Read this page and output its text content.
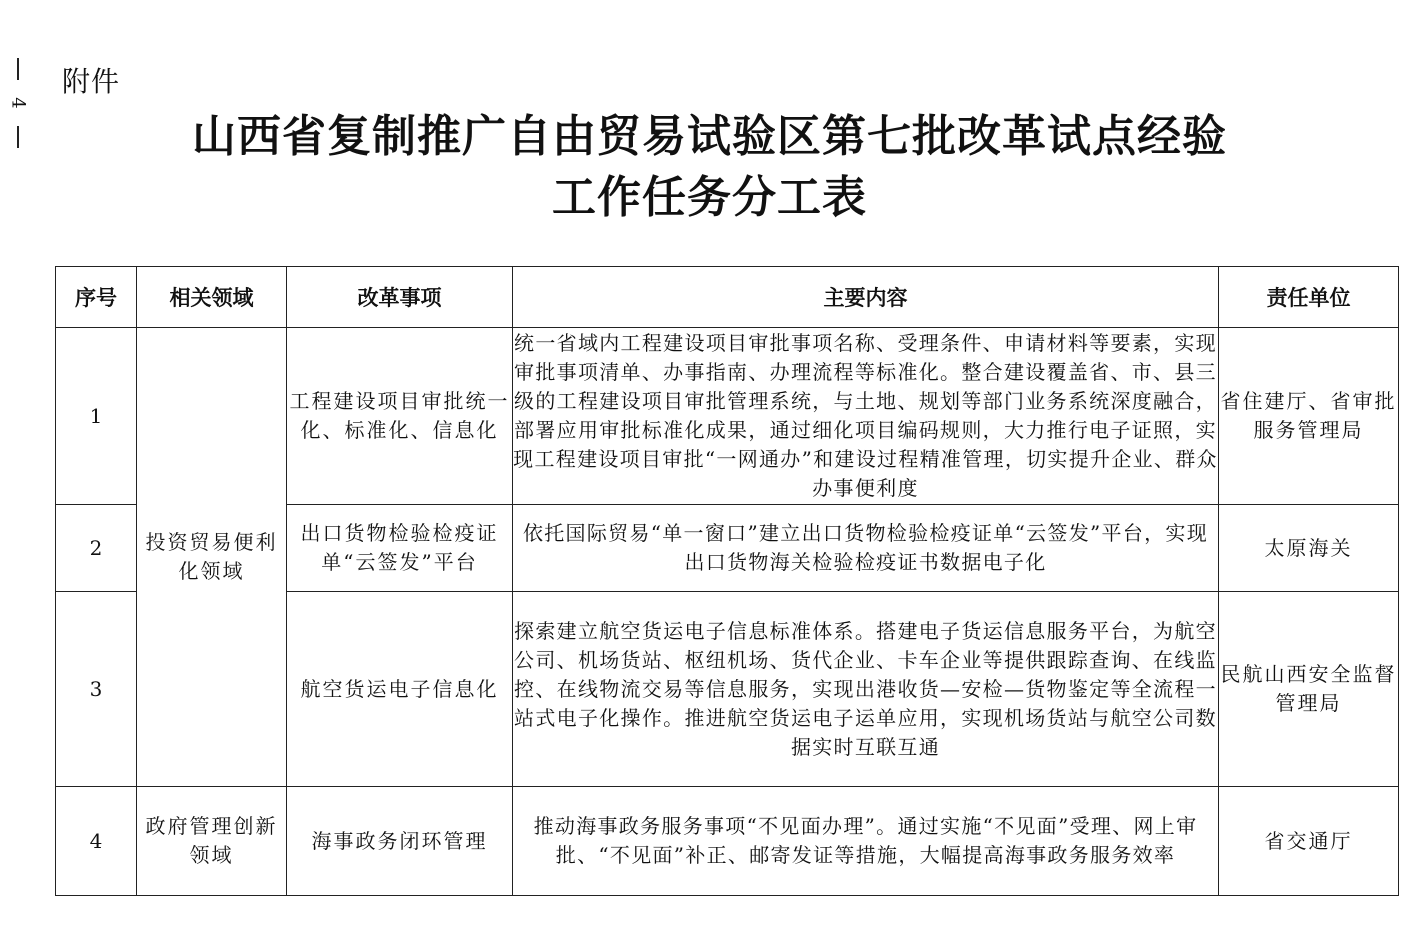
4
附件
山西省复制推广自由贸易试验区第七批改革试点经验
工作任务分工表
序号	相关领域	改革事项	主要内容	责任单位
1	投资贸易便利化领域	工程建设项目审批统一化、标准化、信息化	统一省域内工程建设项目审批事项名称、受理条件、申请材料等要素，实现审批事项清单、办事指南、办理流程等标准化。整合建设覆盖省、市、县三级的工程建设项目审批管理系统，与土地、规划等部门业务系统深度融合，部署应用审批标准化成果，通过细化项目编码规则，大力推行电子证照，实现工程建设项目审批“一网通办”和建设过程精准管理，切实提升企业、群众办事便利度	省住建厅、省审批服务管理局
2		出口货物检验检疫证单“云签发”平台	依托国际贸易“单一窗口”建立出口货物检验检疫证单“云签发”平台，实现出口货物海关检验检疫证书数据电子化	太原海关
3		航空货运电子信息化	探索建立航空货运电子信息标准体系。搭建电子货运信息服务平台，为航空公司、机场货站、枢纽机场、货代企业、卡车企业等提供跟踪查询、在线监控、在线物流交易等信息服务，实现出港收货—安检—货物鉴定等全流程一站式电子化操作。推进航空货运电子运单应用，实现机场货站与航空公司数据实时互联互通	民航山西安全监督管理局
4	政府管理创新领域	海事政务闭环管理	推动海事政务服务事项“不见面办理”。通过实施“不见面”受理、网上审批、“不见面”补正、邮寄发证等措施，大幅提高海事政务服务效率	省交通厅
